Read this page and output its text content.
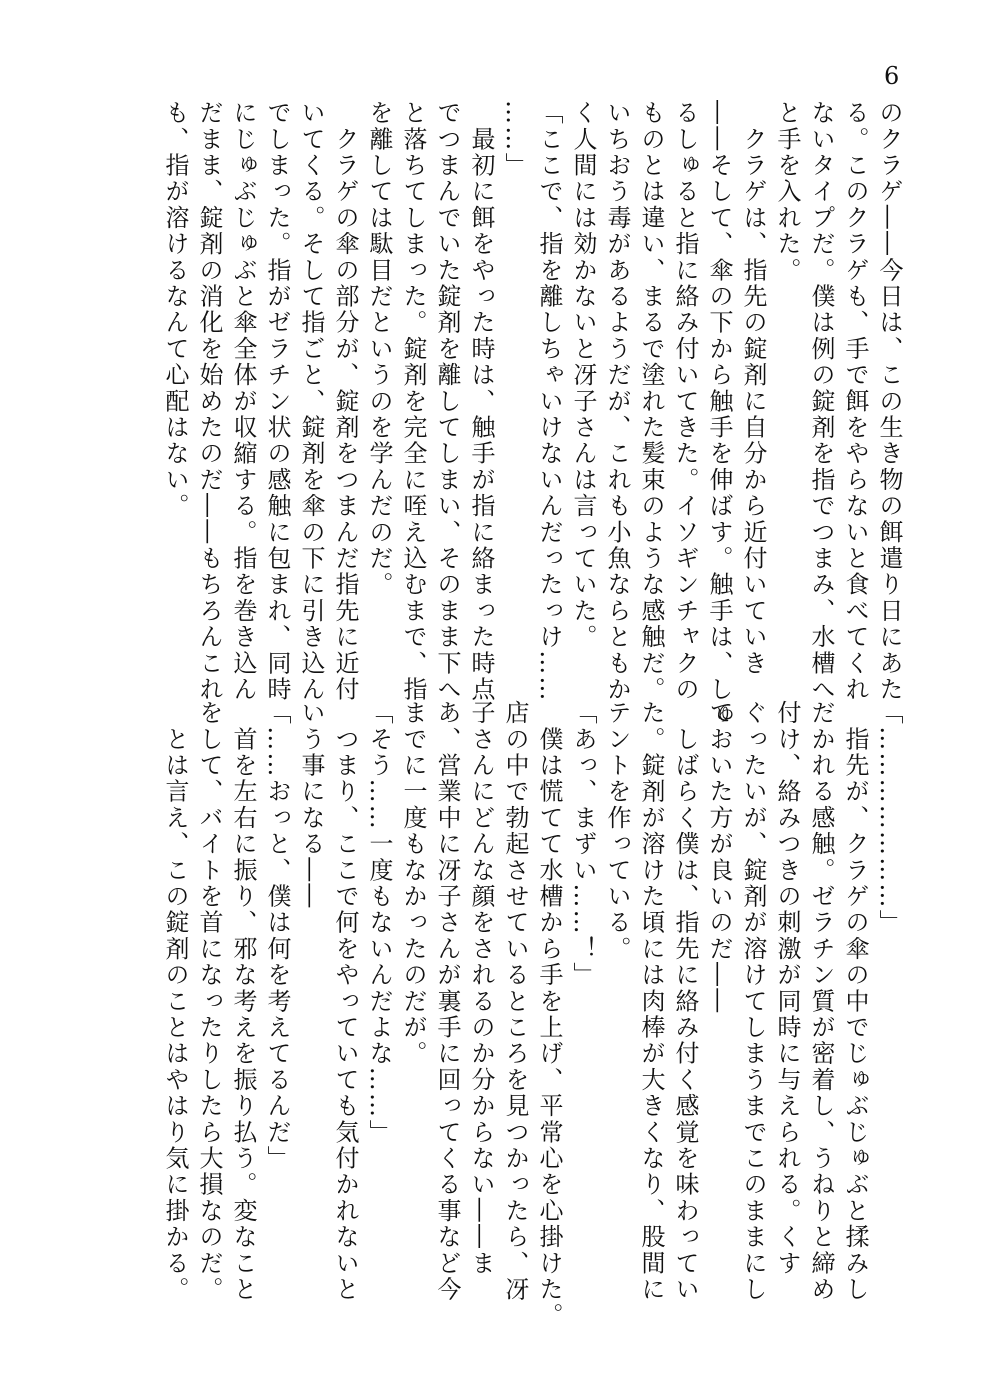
6
のクラゲ――今日は、この生き物の餌遣り日にあた
る。このクラゲも、手で餌をやらないと食べてくれ
ないタイプだ。僕は例の錠剤を指でつまみ、水槽へ
と手を入れた。
　クラゲは、指先の錠剤に自分から近付いていき
――そして、傘の下から触手を伸ばす。触手は、しゅ
るしゅると指に絡み付いてきた。イソギンチャクの
ものとは違い、まるで塗れた髪束のような感触だ。
いちおう毒があるようだが、これも小魚ならともか
く人間には効かないと冴子さんは言っていた。
「ここで、指を離しちゃいけないんだったっけ……
……」
　最初に餌をやった時は、触手が指に絡まった時点
でつまんでいた錠剤を離してしまい、そのまま下へ
と落ちてしまった。錠剤を完全に咥え込むまで、指
を離しては駄目だというのを学んだのだ。
　クラゲの傘の部分が、錠剤をつまんだ指先に近付
いてくる。そして指ごと、錠剤を傘の下に引き込ん
でしまった。指がゼラチン状の感触に包まれ、同時
にじゅぶじゅぶと傘全体が収縮する。指を巻き込ん
だまま、錠剤の消化を始めたのだ――もちろんこれ
も、指が溶けるなんて心配はない。
「…………………」
　指先が、クラゲの傘の中でじゅぶじゅぶと揉みし
だかれる感触。ゼラチン質が密着し、うねりと締め
付け、絡みつきの刺激が同時に与えられる。くす
ぐったいが、錠剤が溶けてしまうまでこのままにし
ておいた方が良いのだ――
　しばらく僕は、指先に絡み付く感覚を味わってい
た。錠剤が溶けた頃には肉棒が大きくなり、股間に
テントを作っている。
「あっ、まずい……！」
　僕は慌てて水槽から手を上げ、平常心を心掛けた。
店の中で勃起させているところを見つかったら、冴
子さんにどんな顔をされるのか分からない――ま
あ、営業中に冴子さんが裏手に回ってくる事など今
までに一度もなかったのだが。
「そう……一度もないんだよな……」
　つまり、ここで何をやっていても気付かれないと
いう事になる――
「……おっと、僕は何を考えてるんだ」
　首を左右に振り、邪な考えを振り払う。変なこと
をして、バイトを首になったりしたら大損なのだ。
　とは言え、この錠剤のことはやはり気に掛かる。
